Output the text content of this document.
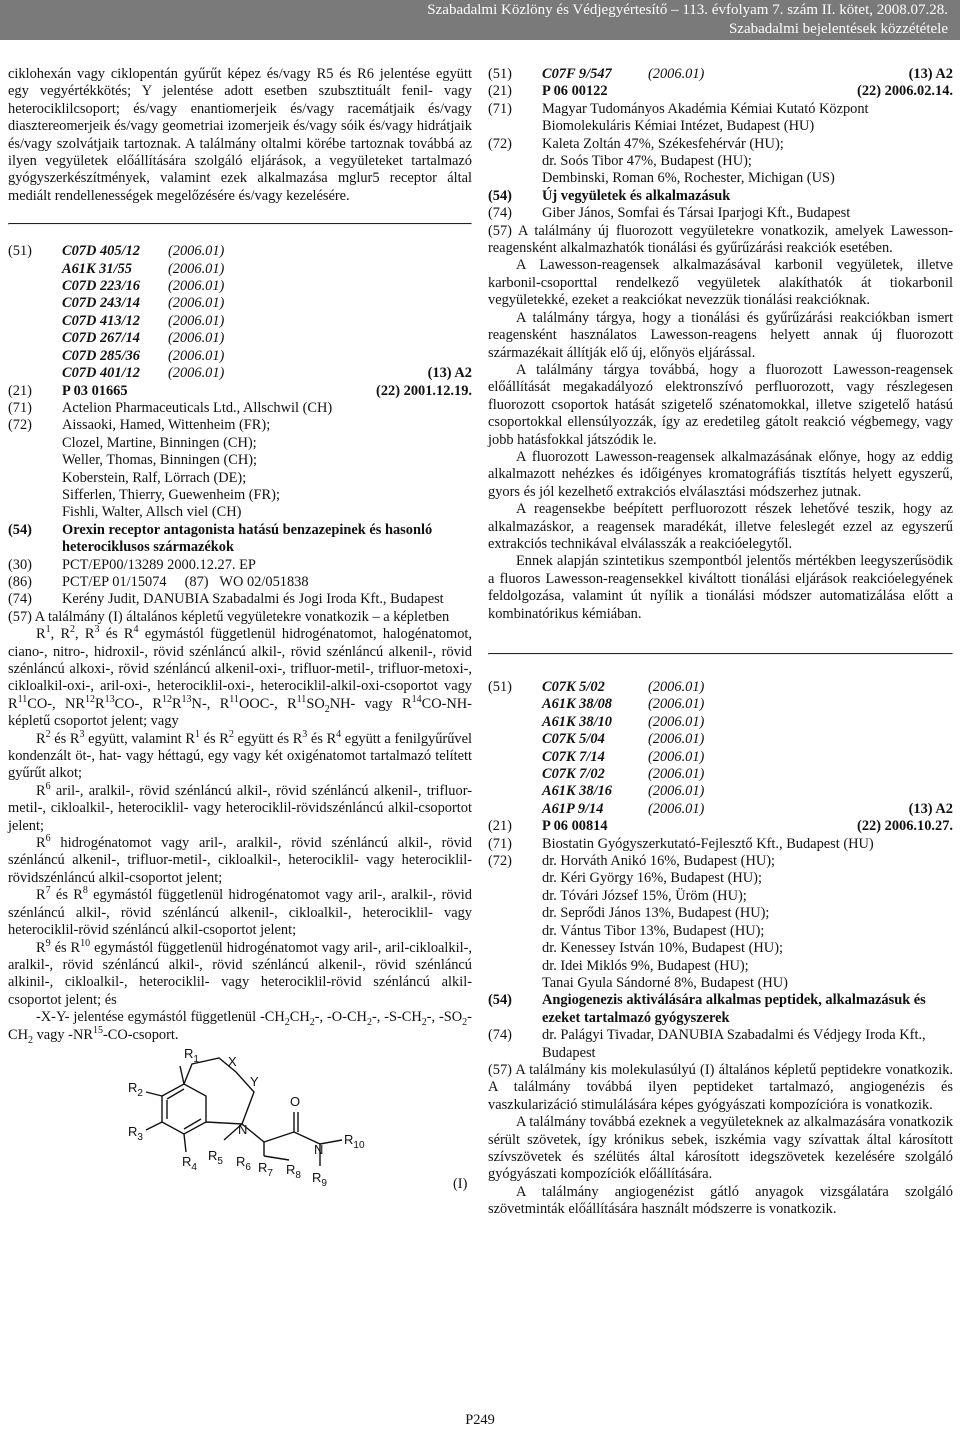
Szabadalmi Közlöny és Védjegyértesítő – 113. évfolyam 7. szám II. kötet, 2008.07.28.
Szabadalmi bejelentések közzététele

ciklohexán vagy ciklopentán gyűrűt képez és/vagy R5 és R6 jelentése együtt egy vegyértékkötés; Y jelentése adott esetben szubsztituált fenil- vagy heterociklilcsoport; és/vagy enantiomerjeik és/vagy racemátjaik és/vagy diasztereomerjeik és/vagy geometriai izomerjeik és/vagy sóik és/vagy hidrátjaik és/vagy szolvátjaik tartoznak. A találmány oltalmi körébe tartoznak továbbá az ilyen vegyületek előállítására szolgáló eljárások, a vegyületeket tartalmazó gyógyszerkészítmények, valamint ezek alkalmazása mglur5 receptor által mediált rendellenességek megelőzésére és/vagy kezelésére.

(51)	C07D 405/12	(2006.01)
A61K 31/55	(2006.01)
C07D 223/16	(2006.01)
C07D 243/14	(2006.01)
C07D 413/12	(2006.01)
C07D 267/14	(2006.01)
C07D 285/36	(2006.01)
C07D 401/12	(2006.01)	(13) A2
(21) P 03 01665	(22) 2001.12.19.
(71)	Actelion Pharmaceuticals Ltd., Allschwil (CH)
(72)	Aissaoki, Hamed, Wittenheim (FR);
Clozel, Martine, Binningen (CH);
Weller, Thomas, Binningen (CH);
Koberstein, Ralf, Lörrach (DE);
Sifferlen, Thierry, Guewenheim (FR);
Fishli, Walter, Allsch viel (CH)
(54)	Orexin receptor antagonista hatású benzazepinek és hasonló heterociklusos származékok
(30)	PCT/EP00/13289 2000.12.27. EP
(86)	PCT/EP 01/15074 (87) WO 02/051838
(74)	Kerény Judit, DANUBIA Szabadalmi és Jogi Iroda Kft., Budapest

(57) A találmány (I) általános képletű vegyületekre vonatkozik – a képletben

$R^1$, $R^2$, $R^3$ és $R^4$ egymástól függetlenül hidrogénatomot, halogénatomot, ciano-, nitro-, hidroxil-, rövid szénláncú alkil-, rövid szénláncú alkenil-, rövid szénláncú alkoxi-, rövid szénláncú alkenil-oxi-, trifluor-metil-, trifluor-metoxi-, cikloalkil-oxi-, aril-oxi-, heterociklil-oxi-, heterociklil-alkil-oxi-csoportot vagy $R^{11}CO-$, $NR^{12}R^{13}CO-$, $R^{12}R^{13}N-$, $R^{11}OOC-$, $R^{11}SO_2NH-$ vagy $R^{14}CO-NH$-képletű csoportot jelent; vagy

$R^2$ és $R^3$ együtt, valamint $R^1$ és $R^2$ együtt és $R^3$ és $R^4$ együtt a fenilgyűrűvel kondenzált öt-, hat- vagy héttagú, egy vagy két oxigénatomot tartalmazó telített gyűrűt alkot;

$R^6$ aril-, aralkil-, rövid szénláncú alkil-, rövid szénláncú alkenil-, trifluor-metil-, cikloalkil-, heterociklil- vagy heterociklil-rövidszénláncú alkil-csoportot jelent;

$R^6$ hidrogénatomot vagy aril-, aralkil-, rövid szénláncú alkil-, rövid szénláncú alkenil-, trifluor-metil-, cikloalkil-, heterociklil- vagy heterociklil-rövidszénláncú alkil-csoportot jelent;

$R^7$ és $R^8$ egymástól függetlenül hidrogénatomot vagy aril-, aralkil-, rövid szénláncú alkil-, rövid szénláncú alkenil-, cikloalkil-, heterociklil- vagy heterociklil-rövid szénláncú alkil-csoportot jelent;

$R^9$ és $R^{10}$ egymástól függetlenül hidrogénatomot vagy aril-, aril-cikloalkil-, aralkil-, rövid szénláncú alkil-, rövid szénláncú alkenil-, rövid szénláncú alkinil-, cikloalkil-, heterociklil- vagy heterociklil-rövid szénláncú alkil-csoportot jelent; és

-X-Y- jelentése egymástól függetlenül $-CH_2CH_2-$, $-O-CH_2-$, $-S-CH_2-$, $-SO_2-CH_2$ vagy -NR$^{15}$-CO-csoport.

$R_1$
$R_2$
$R_3$
$R_4$
$R_5$ $R_6$ $R_7$ $R_8$ $R_9$
$R_{10}$
X
Y
O
N
N
(I)
(51) C07F 9/547	(2006.01)	(13) A2
(21) P 06 00122	(22) 2006.02.14.
(71)	Magyar Tudományos Akadémia Kémiai Kutató Központ Biomolekuláris Kémiai Intézet, Budapest (HU)
(72)	Kaleta Zoltán 47%, Székesfehérvár (HU);
dr. Soós Tibor 47%, Budapest (HU);
Dembinski, Roman 6%, Rochester, Michigan (US)
(54)	Új vegyületek és alkalmazásuk
(74)	Giber János, Somfai és Társai Iparjogi Kft., Budapest

(57) A találmány új fluorozott vegyületekre vonatkozik, amelyek Lawesson-reagensként alkalmazhatók tionálási és gyűrűzárási reakciók esetében.

A Lawesson-reagensek alkalmazásával karbonil vegyületek, illetve karbonil-csoporttal rendelkező vegyületek alakíthatók át tiokarbonil vegyületekké, ezeket a reakciókat nevezzük tionálási reakcióknak.

A találmány tárgya, hogy a tionálási és gyűrűzárási reakciókban ismert reagensként használatos Lawesson-reagens helyett annak új fluorozott származékait állítják elő új, előnyös eljárással.

A találmány tárgya továbbá, hogy a fluorozott Lawesson-reagensek előállítását megakadályozó elektronszívó perfluorozott, vagy részlegesen fluorozott csoportok hatását szigetelő szénatomokkal, illetve szigetelő hatású csoportokkal ellensúlyozzák, így az eredetileg gátolt reakció végbemegy, vagy jobb hatásfokkal játszódik le.

A fluorozott Lawesson-reagensek alkalmazásának előnye, hogy az eddig alkalmazott nehézkes és időigényes kromatográfiás tisztítás helyett egyszerű, gyors és jól kezelhető extrakciós elválasztási módszerhez jutnak.

A reagensekbe beépített perfluorozott részek lehetővé teszik, hogy az alkalmazáskor, a reagensek maradékát, illetve feleslegét ezzel az egyszerű extrakciós technikával elválasszák a reakcióelegytől.

Ennek alapján szintetikus szempontból jelentős mértékben leegyszerűsödik a fluoros Lawesson-reagensekkel kiváltott tionálási eljárások reakcióelegyének feldolgozása, valamint út nyílik a tionálási módszer automatizálása előtt a kombinatórikus kémiában.

(51)	C07K 5/02	(2006.01)
A61K 38/08	(2006.01)
A61K 38/10	(2006.01)
C07K 5/04	(2006.01)
C07K 7/14	(2006.01)
C07K 7/02	(2006.01)
A61K 38/16	(2006.01)
A61P 9/14	(2006.01)	(13) A2
(21) P 06 00814	(22) 2006.10.27.
(71)	Biostatin Gyógyszerkutató-Fejlesztő Kft., Budapest (HU)
(72)	dr. Horváth Anikó 16%, Budapest (HU);
dr. Kéri György 16%, Budapest (HU);
dr. Tóvári József 15%, Üröm (HU);
dr. Seprődi János 13%, Budapest (HU);
dr. Vántus Tibor 13%, Budapest (HU);
dr. Kenessey István 10%, Budapest (HU);
dr. Idei Miklós 9%, Budapest (HU);
Tanai Gyula Sándorné 8%, Budapest (HU)
(54)	Angiogenezis aktiválására alkalmas peptidek, alkalmazásuk és ezeket tartalmazó gyógyszerek
(74)	dr. Palágyi Tivadar, DANUBIA Szabadalmi és Védjegy Iroda Kft., Budapest

(57) A találmány kis molekulasúlyú (I) általános képletű peptidekre vonatkozik. A találmány továbbá ilyen peptideket tartalmazó, angiogenézis és vaszkularizáció stimulálására képes gyógyászati kompozícióra is vonatkozik.

A találmány továbbá ezeknek a vegyületeknek az alkalmazására vonatkozik sérült szövetek, így krónikus sebek, iszkémia vagy szívattak által károsított szívszövetek és szélütés által károsított idegszövetek kezelésére szolgáló gyógyászati kompozíciók előállítására.

A találmány angiogenézist gátló anyagok vizsgálatára szolgáló szövetminták előállítására használt módszerre is vonatkozik.

P249
